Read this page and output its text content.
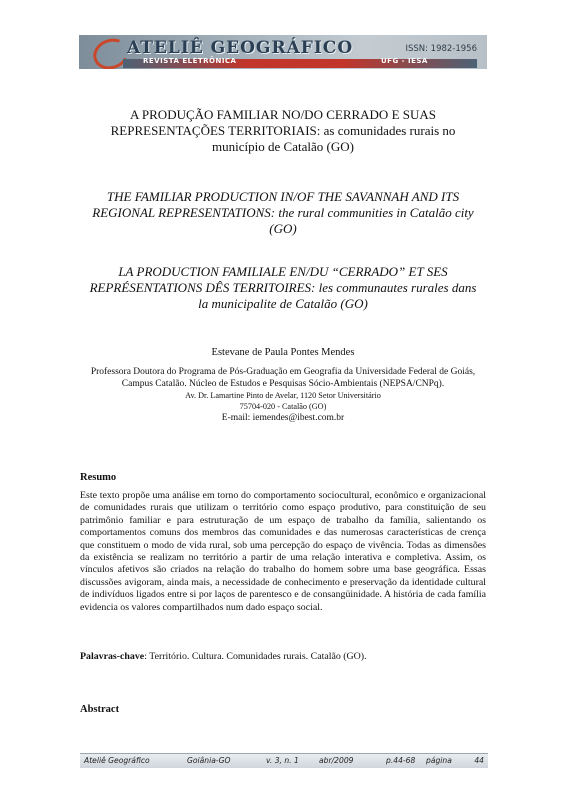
ATELIÊ GEOGRÁFICO
REVISTA ELETRÔNICA	UFG - IESA
ISSN: 1982-1956
A PRODUÇÃO FAMILIAR NO/DO CERRADO E SUAS REPRESENTAÇÕES TERRITORIAIS: as comunidades rurais no município de Catalão (GO)
THE FAMILIAR PRODUCTION IN/OF THE SAVANNAH AND ITS REGIONAL REPRESENTATIONS: the rural communities in Catalão city (GO)
LA PRODUCTION FAMILIALE EN/DU “CERRADO” ET SES REPRÉSENTATIONS DÊS TERRITOIRES: les communautes rurales dans la municipalite de Catalão (GO)
Estevane de Paula Pontes Mendes
Professora Doutora do Programa de Pós-Graduação em Geografia da Universidade Federal de Goiás, Campus Catalão. Núcleo de Estudos e Pesquisas Sócio-Ambientais (NEPSA/CNPq).
Av. Dr. Lamartine Pinto de Avelar, 1120 Setor Universitário
75704-020 - Catalão (GO)
E-mail: iemendes@ibest.com.br
Resumo

Este texto propõe uma análise em torno do comportamento sociocultural, econômico e organizacional de comunidades rurais que utilizam o território como espaço produtivo, para constituição de seu patrimônio familiar e para estruturação de um espaço de trabalho da família, salientando os comportamentos comuns dos membros das comunidades e das numerosas características de crença que constituem o modo de vida rural, sob uma percepção do espaço de vivência. Todas as dimensões da existência se realizam no território a partir de uma relação interativa e completiva. Assim, os vínculos afetivos são criados na relação do trabalho do homem sobre uma base geográfica. Essas discussões avigoram, ainda mais, a necessidade de conhecimento e preservação da identidade cultural de indivíduos ligados entre si por laços de parentesco e de consangüinidade. A história de cada família evidencia os valores compartilhados num dado espaço social.

Palavras-chave: Território. Cultura. Comunidades rurais. Catalão (GO).

Abstract
Ateliê Geográfico	Goiânia-GO	v. 3, n. 1	abr/2009	p.44-68 página	44
